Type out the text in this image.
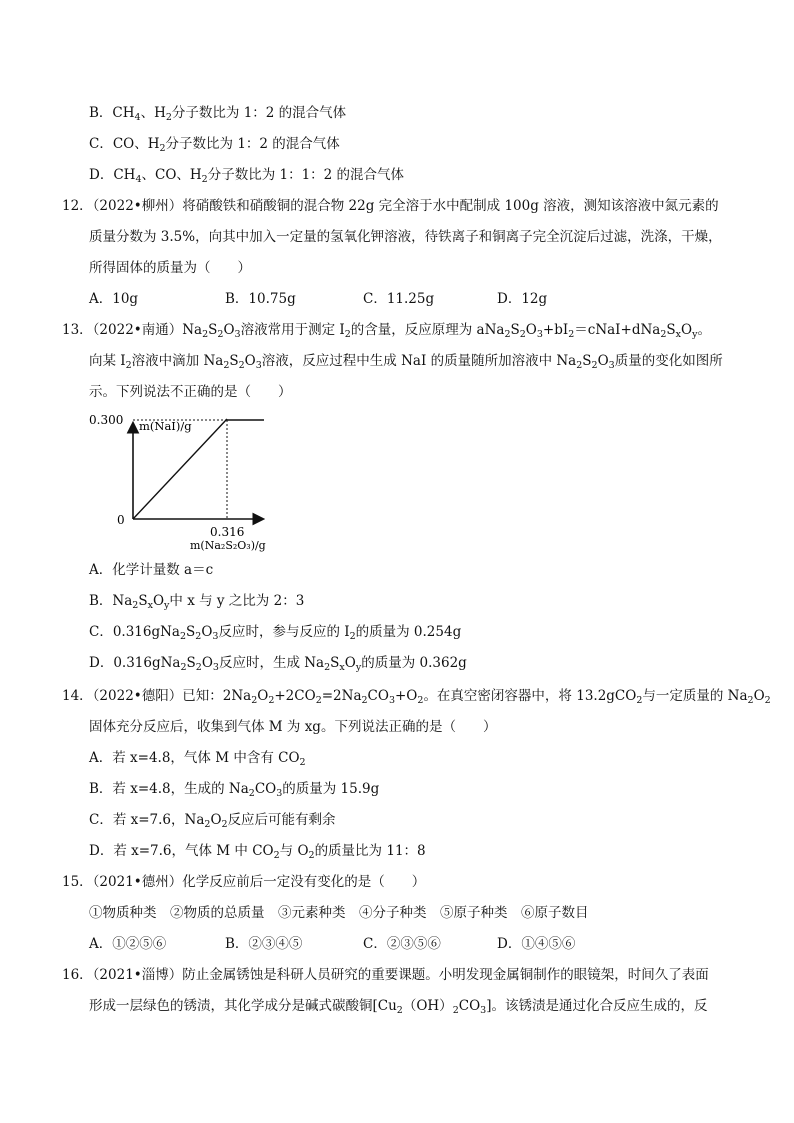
B．$CH_4$、$H_2$分子数比为 1：2 的混合气体
C．CO、$H_2$分子数比为 1：2 的混合气体
D．$CH_4$、CO、$H_2$分子数比为 1：1：2 的混合气体
12．（2022•柳州）将硝酸铁和硝酸铜的混合物 22g 完全溶于水中配制成 100g 溶液，测知该溶液中氮元素的
质量分数为 3.5%，向其中加入一定量的氢氧化钾溶液，待铁离子和铜离子完全沉淀后过滤，洗涤，干燥，
所得固体的质量为（　　）
A．10g	B．10.75g	C．11.25g	D．12g
13．（2022•南通）$Na_2S_2O_3$溶液常用于测定 $I_2$的含量，反应原理为 $aNa_2S_2O_3+bI_2=cNaI+dNa_2S_xO_y$。
向某 $I_2$溶液中滴加 $Na_2S_2O_3$溶液，反应过程中生成 NaI 的质量随所加溶液中 $Na_2S_2O_3$质量的变化如图所
示。下列说法不正确的是（　　）
m(NaI)/g
0.300
0
0.316
m(Na₂S₂O₃)/g
A．化学计量数 a＝c
B．$Na_2S_xO_y$中 x 与 y 之比为 2：3
C．$0.316gNa_2S_2O_3$反应时，参与反应的 $I_2$的质量为 0.254g
D．$0.316gNa_2S_2O_3$反应时，生成 $Na_2S_xO_y$的质量为 0.362g
14．（2022•德阳）已知：$2Na_2O_2+2CO_2=2Na_2CO_3+O_2$。在真空密闭容器中，将 13.2gCO$_2$与一定质量的 $Na_2O_2$
固体充分反应后，收集到气体 M 为 xg。下列说法正确的是（　　）
A．若 x=4.8，气体 M 中含有 $CO_2$
B．若 x=4.8，生成的 $Na_2CO_3$的质量为 15.9g
C．若 x=7.6，$Na_2O_2$反应后可能有剩余
D．若 x=7.6，气体 M 中 $CO_2$与 $O_2$的质量比为 11：8
15．（2021•德州）化学反应前后一定没有变化的是（　　）
①物质种类　②物质的总质量　③元素种类　④分子种类　⑤原子种类　⑥原子数目
A．①②⑤⑥	B．②③④⑤	C．②③⑤⑥	D．①④⑤⑥
16．（2021•淄博）防止金属锈蚀是科研人员研究的重要课题。小明发现金属铜制作的眼镜架，时间久了表面
形成一层绿色的锈渍，其化学成分是碱式碳酸铜$[Cu_2(OH)_2CO_3]$。该锈渍是通过化合反应生成的，反
